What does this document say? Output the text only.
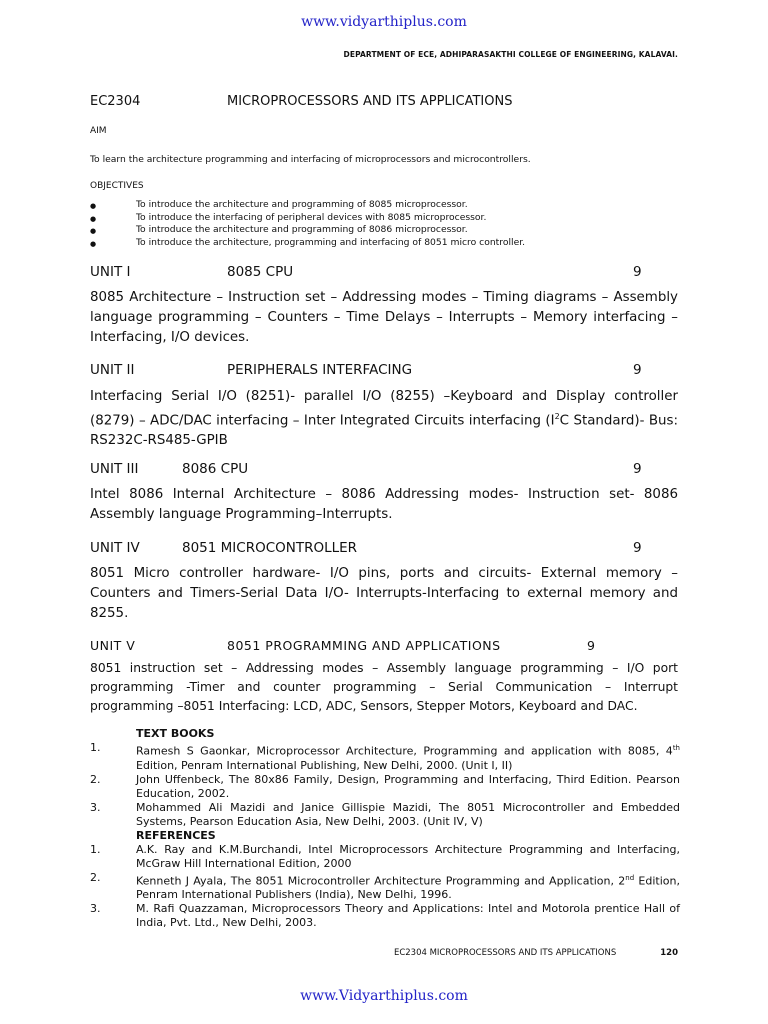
www.vidyarthiplus.com
DEPARTMENT OF ECE, ADHIPARASAKTHI COLLEGE OF ENGINEERING, KALAVAI.
EC2304	MICROPROCESSORS AND ITS APPLICATIONS
AIM
To learn the architecture programming and interfacing of microprocessors and microcontrollers.
OBJECTIVES
● To introduce the architecture and programming of 8085 microprocessor.
● To introduce the interfacing of peripheral devices with 8085 microprocessor.
● To introduce the architecture and programming of 8086 microprocessor.
● To introduce the architecture, programming and interfacing of 8051 micro controller.
UNIT I	8085 CPU	9
8085 Architecture – Instruction set – Addressing modes – Timing diagrams – Assembly language programming – Counters – Time Delays – Interrupts – Memory interfacing – Interfacing, I/O devices.
UNIT II	PERIPHERALS INTERFACING	9
Interfacing Serial I/O (8251)- parallel I/O (8255) –Keyboard and Display controller (8279) – ADC/DAC interfacing – Inter Integrated Circuits interfacing ($I^2C$ Standard)- Bus: RS232C-RS485-GPIB
UNIT III	8086 CPU	9
Intel 8086 Internal Architecture – 8086 Addressing modes- Instruction set- 8086 Assembly language Programming–Interrupts.
UNIT IV	8051 MICROCONTROLLER	9
8051 Micro controller hardware- I/O pins, ports and circuits- External memory – Counters and Timers-Serial Data I/O- Interrupts-Interfacing to external memory and 8255.
UNIT V	8051 PROGRAMMING AND APPLICATIONS	9
8051 instruction set – Addressing modes – Assembly language programming – I/O port programming -Timer and counter programming – Serial Communication – Interrupt programming –8051 Interfacing: LCD, ADC, Sensors, Stepper Motors, Keyboard and DAC.
TEXT BOOKS
1.	Ramesh S Gaonkar, Microprocessor Architecture, Programming and application with 8085, 4th Edition, Penram International Publishing, New Delhi, 2000. (Unit I, II)
2.	John Uffenbeck, The 80x86 Family, Design, Programming and Interfacing, Third Edition. Pearson Education, 2002.
3.	Mohammed Ali Mazidi and Janice Gillispie Mazidi, The 8051 Microcontroller and Embedded Systems, Pearson Education Asia, New Delhi, 2003. (Unit IV, V)
REFERENCES
1.	A.K. Ray and K.M.Burchandi, Intel Microprocessors Architecture Programming and Interfacing, McGraw Hill International Edition, 2000
2.	Kenneth J Ayala, The 8051 Microcontroller Architecture Programming and Application, 2nd Edition, Penram International Publishers (India), New Delhi, 1996.
3.	M. Rafi Quazzaman, Microprocessors Theory and Applications: Intel and Motorola prentice Hall of India, Pvt. Ltd., New Delhi, 2003.
EC2304 MICROPROCESSORS AND ITS APPLICATIONS	120
www.Vidyarthiplus.com
